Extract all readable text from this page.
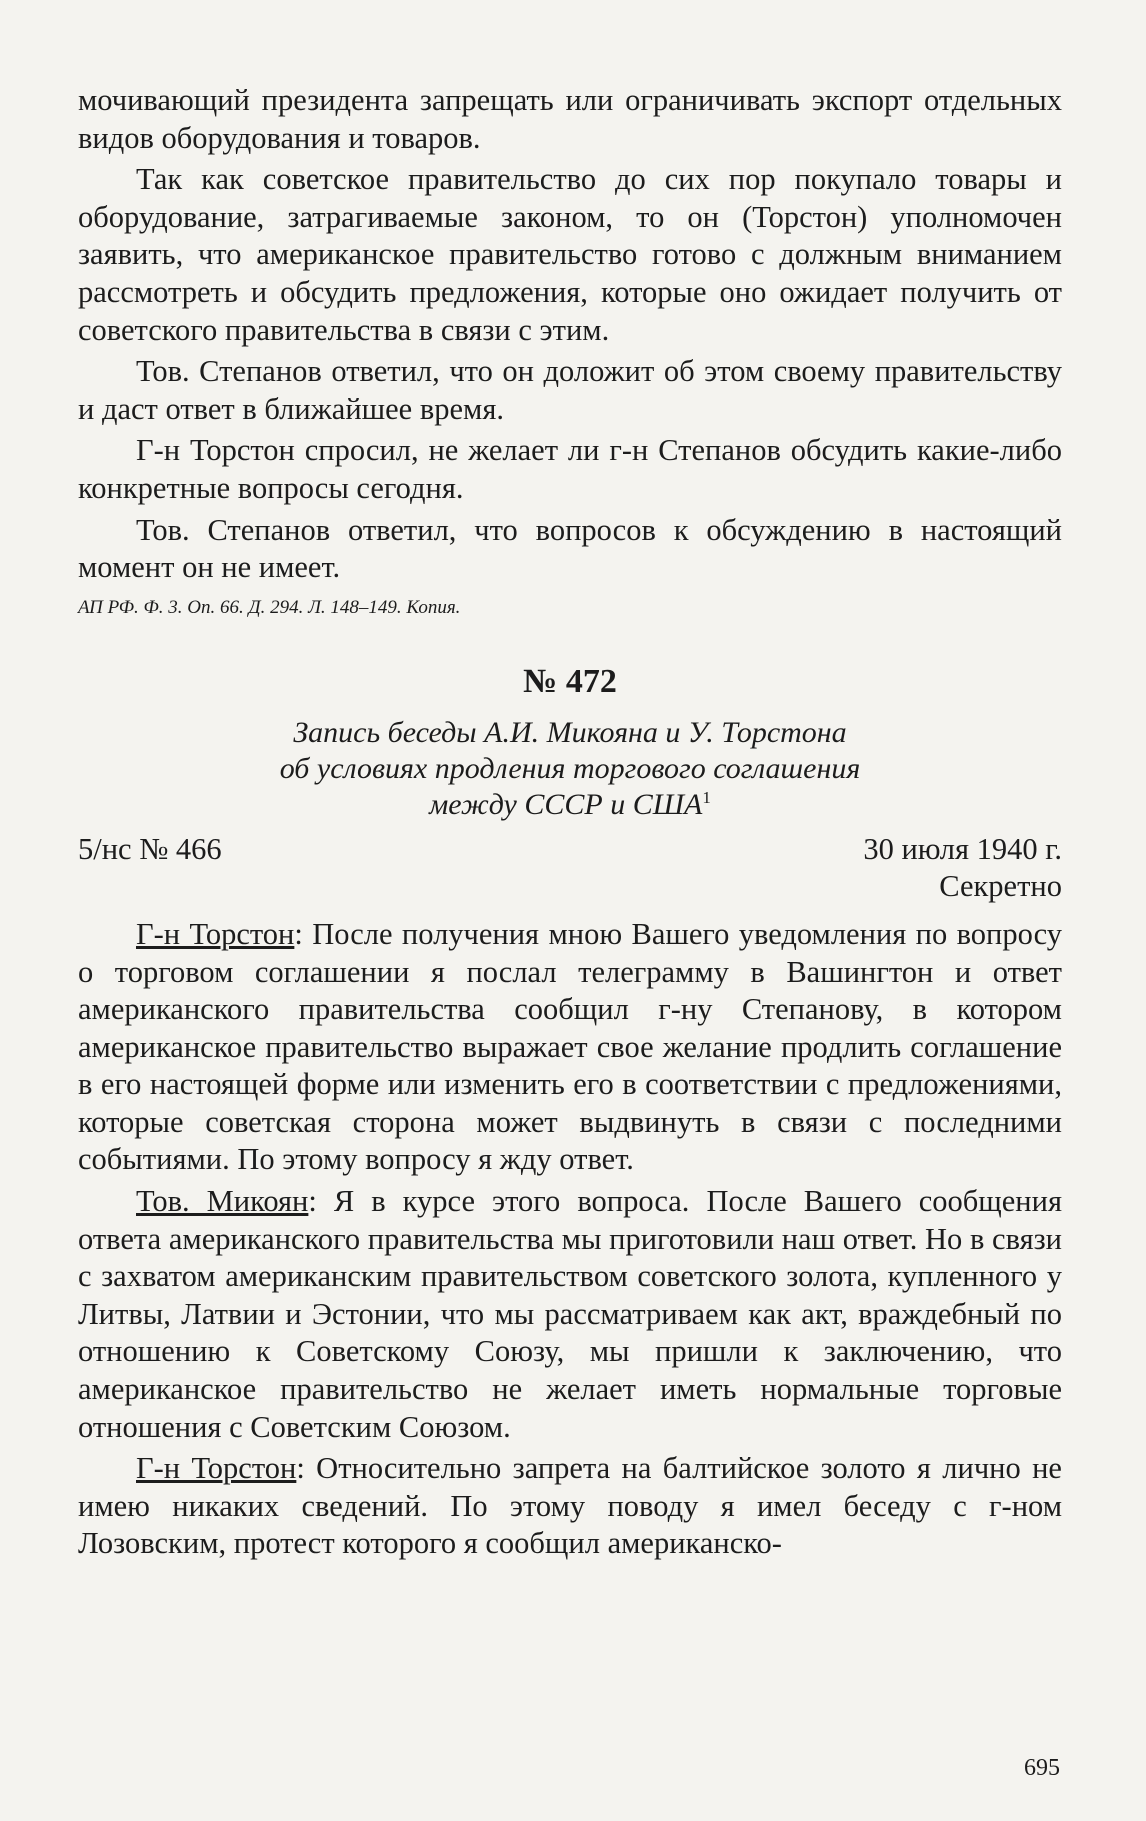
мочивающий президента запрещать или ограничивать экспорт отдельных видов оборудования и товаров.

Так как советское правительство до сих пор покупало товары и оборудование, затрагиваемые законом, то он (Торстон) уполномочен заявить, что американское правительство готово с должным вниманием рассмотреть и обсудить предложения, которые оно ожидает получить от советского правительства в связи с этим.

Тов. Степанов ответил, что он доложит об этом своему правительству и даст ответ в ближайшее время.

Г-н Торстон спросил, не желает ли г-н Степанов обсудить какие-либо конкретные вопросы сегодня.

Тов. Степанов ответил, что вопросов к обсуждению в настоящий момент он не имеет.

АП РФ. Ф. 3. Оп. 66. Д. 294. Л. 148–149. Копия.
№ 472
Запись беседы А.И. Микояна и У. Торстона
об условиях продления торгового соглашения
между СССР и США$^1$
5/нс № 466	30 июля 1940 г.
Секретно

Г-н Торстон: После получения мною Вашего уведомления по вопросу о торговом соглашении я послал телеграмму в Вашингтон и ответ американского правительства сообщил г-ну Степанову, в котором американское правительство выражает свое желание продлить соглашение в его настоящей форме или изменить его в соответствии с предложениями, которые советская сторона может выдвинуть в связи с последними событиями. По этому вопросу я жду ответ.

Тов. Микоян: Я в курсе этого вопроса. После Вашего сообщения ответа американского правительства мы приготовили наш ответ. Но в связи с захватом американским правительством советского золота, купленного у Литвы, Латвии и Эстонии, что мы рассматриваем как акт, враждебный по отношению к Советскому Союзу, мы пришли к заключению, что американское правительство не желает иметь нормальные торговые отношения с Советским Союзом.

Г-н Торстон: Относительно запрета на балтийское золото я лично не имею никаких сведений. По этому поводу я имел беседу с г-ном Лозовским, протест которого я сообщил американско-

695
